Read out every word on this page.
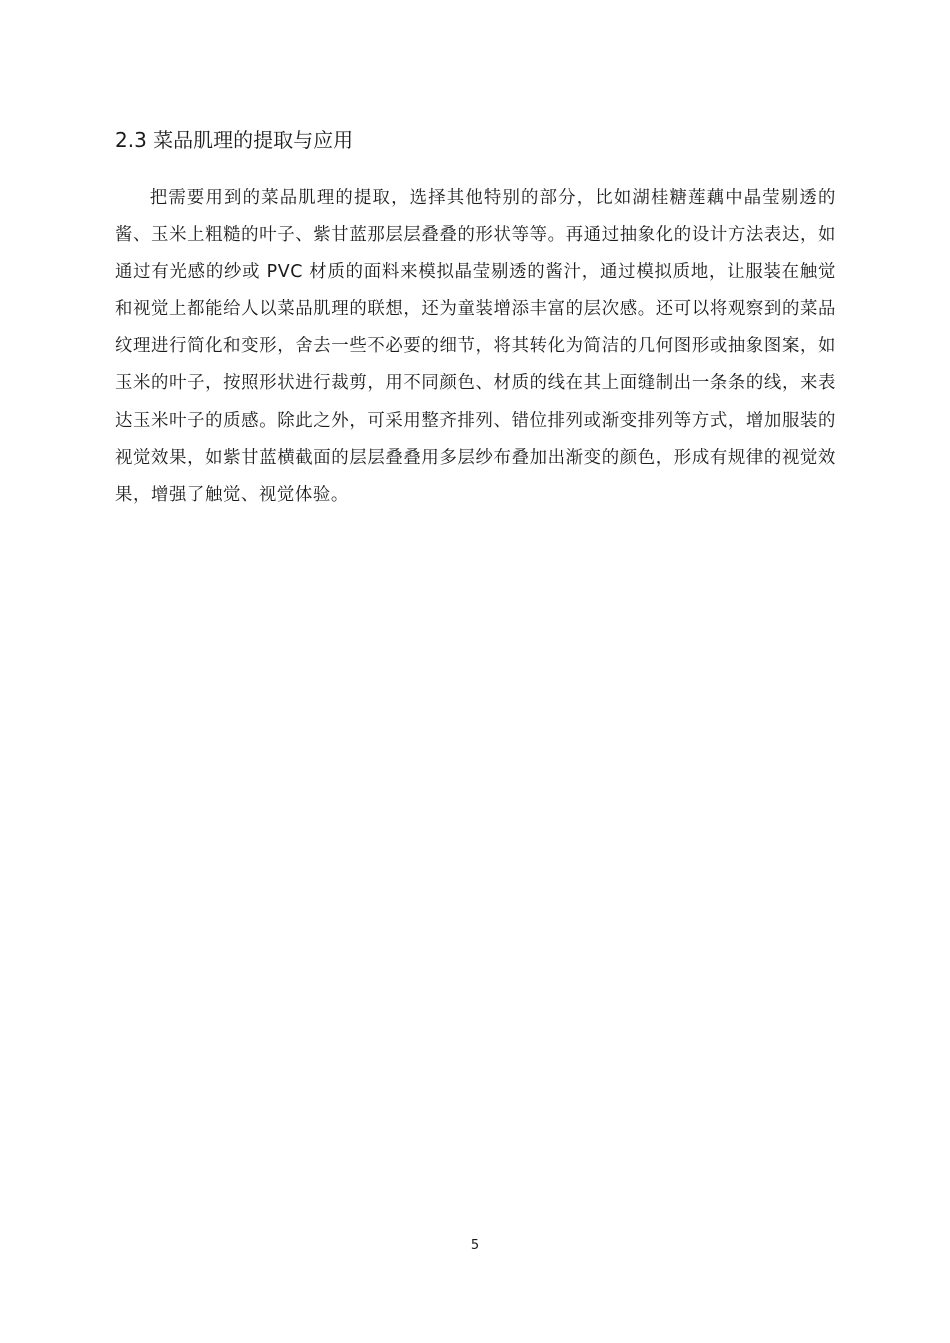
2.3 菜品肌理的提取与应用

把需要用到的菜品肌理的提取，选择其他特别的部分，比如湖桂糖莲藕中晶莹剔透的酱、玉米上粗糙的叶子、紫甘蓝那层层叠叠的形状等等。再通过抽象化的设计方法表达，如通过有光感的纱或 PVC 材质的面料来模拟晶莹剔透的酱汁，通过模拟质地，让服装在触觉和视觉上都能给人以菜品肌理的联想，还为童装增添丰富的层次感。还可以将观察到的菜品纹理进行简化和变形，舍去一些不必要的细节，将其转化为简洁的几何图形或抽象图案，如玉米的叶子，按照形状进行裁剪，用不同颜色、材质的线在其上面缝制出一条条的线，来表达玉米叶子的质感。除此之外，可采用整齐排列、错位排列或渐变排列等方式，增加服装的视觉效果，如紫甘蓝横截面的层层叠叠用多层纱布叠加出渐变的颜色，形成有规律的视觉效果，增强了触觉、视觉体验。

5
